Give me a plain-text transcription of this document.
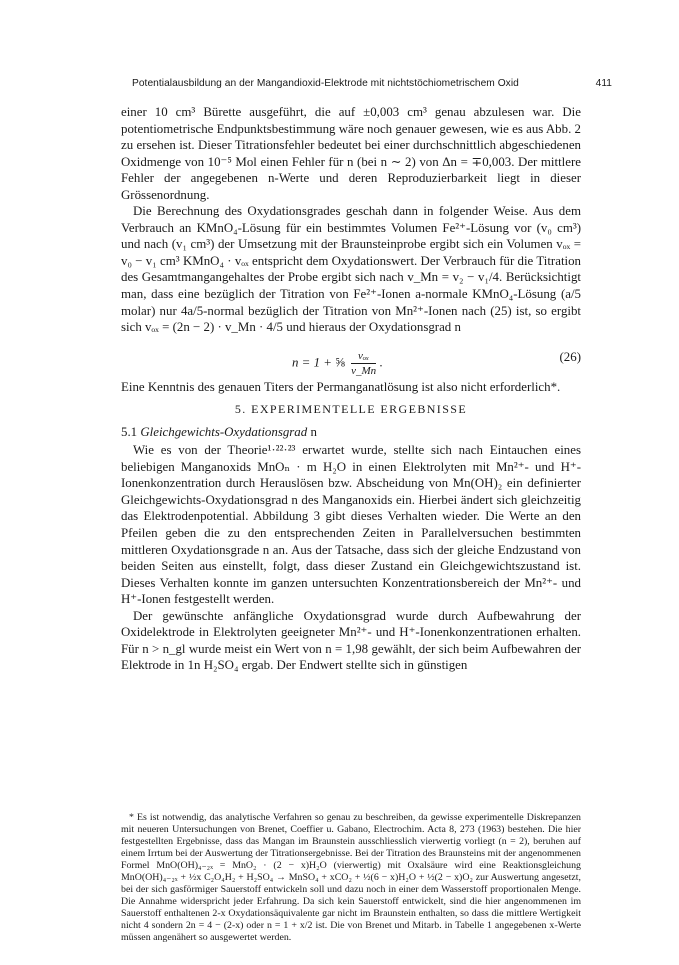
Potentialausbildung an der Mangandioxid-Elektrode mit nichtstöchiometrischem Oxid	411

einer 10 cm³ Bürette ausgeführt, die auf ±0,003 cm³ genau abzulesen war. Die potentiometrische Endpunktsbestimmung wäre noch genauer gewesen, wie es aus Abb. 2 zu ersehen ist. Dieser Titrationsfehler bedeutet bei einer durchschnittlich abgeschiedenen Oxidmenge von 10⁻⁵ Mol einen Fehler für n (bei n ∼ 2) von Δn = ∓0,003. Der mittlere Fehler der angegebenen n-Werte und deren Reproduzierbarkeit liegt in dieser Grössenordnung.

Die Berechnung des Oxydationsgrades geschah dann in folgender Weise. Aus dem Verbrauch an KMnO₄-Lösung für ein bestimmtes Volumen Fe²⁺-Lösung vor (v₀ cm³) und nach (v₁ cm³) der Umsetzung mit der Braunsteinprobe ergibt sich ein Volumen vₒₓ = v₀ − v₁ cm³ KMnO₄ · vₒₓ entspricht dem Oxydationswert. Der Verbrauch für die Titration des Gesamtmangangehaltes der Probe ergibt sich nach v_Mn = v₂ − v₁/4. Berücksichtigt man, dass eine bezüglich der Titration von Fe²⁺-Ionen a-normale KMnO₄-Lösung (a/5 molar) nur 4a/5-normal bezüglich der Titration von Mn²⁺-Ionen nach (25) ist, so ergibt sich vₒₓ = (2n − 2) · v_Mn · 4/5 und hieraus der Oxydationsgrad n

n = 1 + ⅝ $\frac{\text{vₒₓ}}{v\_Mn}$ .	(26)

Eine Kenntnis des genauen Titers der Permanganatlösung ist also nicht erforderlich*.

5. EXPERIMENTELLE ERGEBNISSE
5.1 Gleichgewichts-Oxydationsgrad n

Wie es von der Theorie¹·²²·²³ erwartet wurde, stellte sich nach Eintauchen eines beliebigen Manganoxids MnOₙ · m H₂O in einen Elektrolyten mit Mn²⁺- und H⁺-Ionenkonzentration durch Herauslösen bzw. Abscheidung von Mn(OH)₂ ein definierter Gleichgewichts-Oxydationsgrad n des Manganoxids ein. Hierbei ändert sich gleichzeitig das Elektrodenpotential. Abbildung 3 gibt dieses Verhalten wieder. Die Werte an den Pfeilen geben die zu den entsprechenden Zeiten in Parallelversuchen bestimmten mittleren Oxydationsgrade n an. Aus der Tatsache, dass sich der gleiche Endzustand von beiden Seiten aus einstellt, folgt, dass dieser Zustand ein Gleichgewichtszustand ist. Dieses Verhalten konnte im ganzen untersuchten Konzentrationsbereich der Mn²⁺- und H⁺-Ionen festgestellt werden.

Der gewünschte anfängliche Oxydationsgrad wurde durch Aufbewahrung der Oxidelektrode in Elektrolyten geeigneter Mn²⁺- und H⁺-Ionenkonzentrationen erhalten. Für n > n_gl wurde meist ein Wert von n = 1,98 gewählt, der sich beim Aufbewahren der Elektrode in 1n H₂SO₄ ergab. Der Endwert stellte sich in günstigen

* Es ist notwendig, das analytische Verfahren so genau zu beschreiben, da gewisse experimentelle Diskrepanzen mit neueren Untersuchungen von Brenet, Coeffier u. Gabano, Electrochim. Acta 8, 273 (1963) bestehen. Die hier festgestellten Ergebnisse, dass das Mangan im Braunstein ausschliesslich vierwertig vorliegt (n = 2), beruhen auf einem Irrtum bei der Auswertung der Titrationsergebnisse. Bei der Titration des Braunsteins mit der angenommenen Formel MnO(OH)₄₋₂ₓ = MnO₂ · (2 − x)H₂O (vierwertig) mit Oxalsäure wird eine Reaktionsgleichung MnO(OH)₄₋₂ₓ + ½x C₂O₄H₂ + H₂SO₄ → MnSO₄ + xCO₂ + ½(6 − x)H₂O + ½(2 − x)O₂ zur Auswertung angesetzt, bei der sich gasförmiger Sauerstoff entwickeln soll und dazu noch in einer dem Wasserstoff proportionalen Menge. Die Annahme widerspricht jeder Erfahrung. Da sich kein Sauerstoff entwickelt, sind die hier angenommenen im Sauerstoff enthaltenen 2-x Oxydationsäquivalente gar nicht im Braunstein enthalten, so dass die mittlere Wertigkeit nicht 4 sondern 2n = 4 − (2-x) oder n = 1 + x/2 ist. Die von Brenet und Mitarb. in Tabelle 1 angegebenen x-Werte müssen angenähert so ausgewertet werden.
